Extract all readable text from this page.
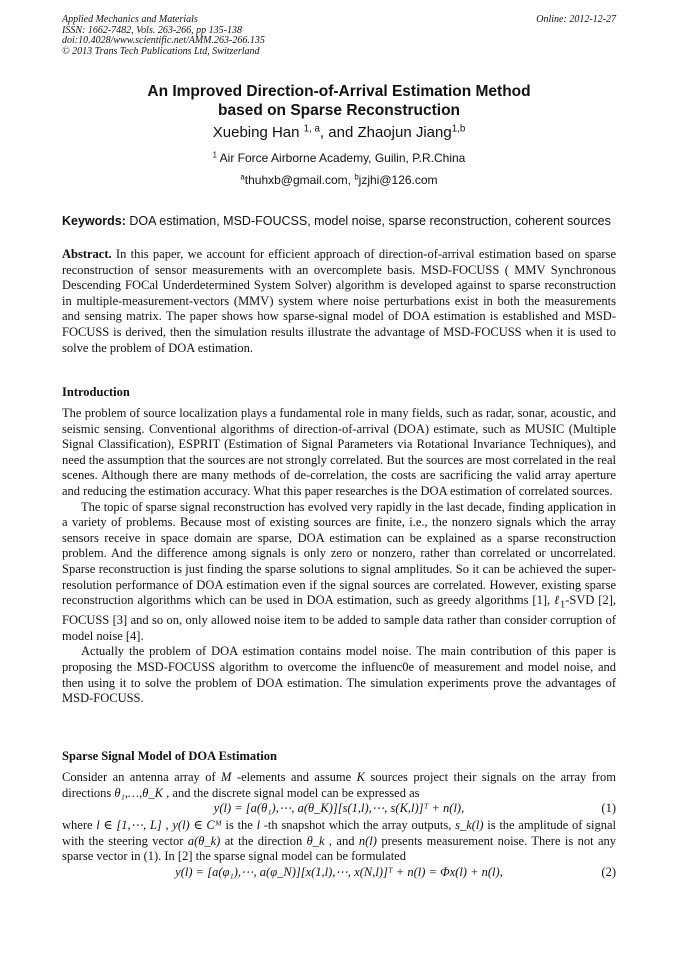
Applied Mechanics and Materials
ISSN: 1662-7482, Vols. 263-266, pp 135-138
doi:10.4028/www.scientific.net/AMM.263-266.135
© 2013 Trans Tech Publications Ltd, Switzerland
Online: 2012-12-27
An Improved Direction-of-Arrival Estimation Method
based on Sparse Reconstruction
Xuebing Han $^{1, a}$, and Zhaojun Jiang$^{1,b}$
$^1$ Air Force Airborne Academy, Guilin, P.R.China
$^a$thuhxb@gmail.com, $^b$jzjhi@126.com
Keywords: DOA estimation, MSD-FOUCSS, model noise, sparse reconstruction, coherent sources

Abstract. In this paper, we account for efficient approach of direction-of-arrival estimation based on sparse reconstruction of sensor measurements with an overcomplete basis. MSD-FOCUSS ( MMV Synchronous Descending FOCal Underdetermined System Solver) algorithm is developed against to sparse reconstruction in multiple-measurement-vectors (MMV) system where noise perturbations exist in both the measurements and sensing matrix. The paper shows how sparse-signal model of DOA estimation is established and MSD-FOCUSS is derived, then the simulation results illustrate the advantage of MSD-FOCUSS when it is used to solve the problem of DOA estimation.

Introduction

The problem of source localization plays a fundamental role in many fields, such as radar, sonar, acoustic, and seismic sensing. Conventional algorithms of direction-of-arrival (DOA) estimate, such as MUSIC (Multiple Signal Classification), ESPRIT (Estimation of Signal Parameters via Rotational Invariance Techniques), and need the assumption that the sources are not strongly correlated. But the sources are most correlated in the real scenes. Although there are many methods of de-correlation, the costs are sacrificing the valid array aperture and reducing the estimation accuracy. What this paper researches is the DOA estimation of correlated sources.

The topic of sparse signal reconstruction has evolved very rapidly in the last decade, finding application in a variety of problems. Because most of existing sources are finite, i.e., the nonzero signals which the array sensors receive in space domain are sparse, DOA estimation can be explained as a sparse reconstruction problem. And the difference among signals is only zero or nonzero, rather than correlated or uncorrelated. Sparse reconstruction is just finding the sparse solutions to signal amplitudes. So it can be achieved the super-resolution performance of DOA estimation even if the signal sources are correlated. However, existing sparse reconstruction algorithms which can be used in DOA estimation, such as greedy algorithms [1], ℓ$_1$-SVD [2], FOCUSS [3] and so on, only allowed noise item to be added to sample data rather than consider corruption of model noise [4].

Actually the problem of DOA estimation contains model noise. The main contribution of this paper is proposing the MSD-FOCUSS algorithm to overcome the influenc0e of measurement and model noise, and then using it to solve the problem of DOA estimation. The simulation experiments prove the advantages of MSD-FOCUSS.

Sparse Signal Model of DOA Estimation

Consider an antenna array of M -elements and assume K sources project their signals on the array from directions θ₁,…,θ_K , and the discrete signal model can be expressed as

y(l) = [a(θ₁),⋯, a(θ_K)][s(1,l),⋯, s(K,l)]ᵀ + n(l),	(1)

where l ∈ [1,⋯, L] , y(l) ∈ Cᴹ is the l -th snapshot which the array outputs, s_k(l) is the amplitude of signal with the steering vector a(θ_k) at the direction θ_k , and n(l) presents measurement noise. There is not any sparse vector in (1). In [2] the sparse signal model can be formulated

y(l) = [a(φ₁),⋯, a(φ_N)][x(1,l),⋯, x(N,l)]ᵀ + n(l) = Φx(l) + n(l),	(2)
